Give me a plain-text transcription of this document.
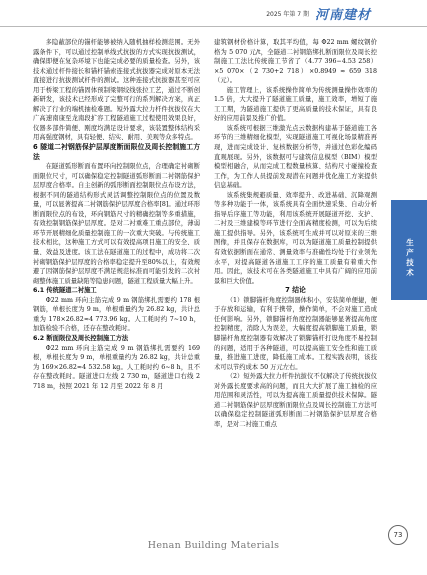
2025 年第 7 期 河南建材

多隐蔽部位的锚杆能够被纳入随机抽样检测范围。无外露条件下，可以通过控制单线式抗拔的方式实现抗拔测试，确保即便在复杂环境下也能完成必要的质量检查。另外，该技术通过杆件接长和锚杆锚索连接式抗拔器完成对原本无法直接进行抗拔测试杆件的测试。这种连接式抗拔器甚至可应用于桥梁工程的锚固体预制梁钢绞线张拉工艺，通过不断创新研发，该技术已经形成了完整可行的系列解决方案，真正解决了行业的端机抽检难题。短外露大拉力杆件抗拔仪在大广高速南康至龙南段扩容工程隧道施工过程使用效果良好，仪器多部件简便、刚度均满足设计要求，该装置整体结构采用高强度钢材，具有轻便、结实、耐用、美观等众多特点。

6 隧道二衬钢筋保护层厚度断面限位及周长控制施工方法

在隧道弧形断面布置环向控制限位点，合理确定衬砌断面限位尺寸，可以确保稳定控制隧道弧形断面二衬钢筋保护层厚度合格率。自主创新的弧形断面控制限位点布设方法，根据不同的隧道结构形式灵活调整控制限位点的位置及数量，可以显著提高二衬钢筋保护层厚度合格率[8]。通过环形断面限位点的布设，环向钢筋尺寸的精确控制等多重措施，有效控制钢筋保护层厚度。是对二衬重难工重点部位，薄弱环节开展精细化质量控制施工的一次重大突破。与传统施工技术相比，这种施工方式可以有效提高项目施工的安全、质量、效益及进度。该工法在隧道施工的过程中，成功将二次衬砌钢筋保护层厚度的合格率稳定提升至80%以上，有效规避了因钢筋保护层厚度不满足规范标准而可能引发的二次衬砌整体施工质量缺陷等隐患问题，隧道工程质量大幅上升。

6.1 传统隧道二衬施工

Φ22 mm 环向主筋完成 9 m 钢筋绑扎需要约 178 根钢筋，单根长度为 9 m，单根重量约为 26.82 kg，共计总重为 178×26.82≈4 773.96 kg。人工耗时约 7~10 h，加筋检验不合格，还存在整改耗时。

6.2 断面限位及周长控制施工方法

Φ22 mm 环向主筋完成 9 m 钢筋绑扎需要约 169 根，单根长度为 9 m，单根重量约为 26.82 kg，共计总重为 169×26.82≈4 532.58 kg。人工耗时约 6~8 h，且不存在整改耗时。隧道进口左线 2 730 m，隧道进口右线 2 718 m，按照 2021 年 12 月至 2022 年 8 月

建筑钢材价格计算，取其平均值，每 Φ22 mm 螺纹钢价格为 5 070 元/t，全隧道二衬钢筋绑扎断面限位及周长控制施工工法比传统施工节省了（4.77 396−4.53 258）×5 070×（2 730+2 718）×0.8949 ≈ 659 318（元）。

施工管理上，该系统操作简单为传统测量操作效率的 1.5 倍，大大提升了隧道施工质量，施工效率，增短了施工工期，为隧道施工提供了更高质量的技术保证，具有良好的应用前景及推广价值。

该系统可根据三维激光点云数据构建基于隧道施工各环节的三维精细化模型，实现隧道施工可视化场景精准再现，进而完成设计、复核数据分析等，并通过色彩化编码直观展现。另外，该数据可与建筑信息模型（BIM）模型模型相融合，从而完成工程数量核算、结构尺寸碰撞检查工作，为工作人员提前发现潜在问题并优化施工方案提供信息基础。

该系统集规避质量、效率提升、改进基础、沉降观测等多种功能于一体，该系统具有全面快速采集、自动分析指导后序施工等功能，利用该系统开展隧道开挖、支护、二衬及三维建模等环节进行全面高精度检测，可以为后续施工提供指导。另外，该系统可生成并可以对原来的三维图像，并且保存在数据库，可以为隧道施工质量控制提供有效依据断面在通常、测量效率与准确性均处于行业领先水平，对提高隧道各道施工工序的施工质量有着重大作用。因此，该技术可在各类隧道施工中具有广阔的应用前景和巨大价值。

7 结论

（1）锁脚锚杆角度控制器体积小，安装简单便捷，便于存放和运输，有利于携带，操作简单，不会对施工造成任何影响。另外，锁脚锚杆角度控制器能够显著提高角度控制精度，消除人为误差，大幅度提高锁脚施工质量，锁脚锚杆角度控制器有效解决了锁脚锚杆打设角度不易控制的问题，适用于各种隧道，可以提高施工安全性和施工质量，推进施工进度，降低施工成本。工程实践表明，该技术可以节约成本 50 万元左右。

（2）短外露大拉力杆件抗拔仪不仅解决了传统抗拔仪对外露长度要求高的问题，而且大大扩展了施工抽检的应用范围和灵活性，可以为提高施工质量提供技术保障。隧道二衬钢筋保护层厚度断面限位点及周长控制施工方法可以确保稳定控制隧道弧形断面二衬钢筋保护层厚度合格率，是对二衬施工重点

生
产
技
术
73
Henan Building Materials
